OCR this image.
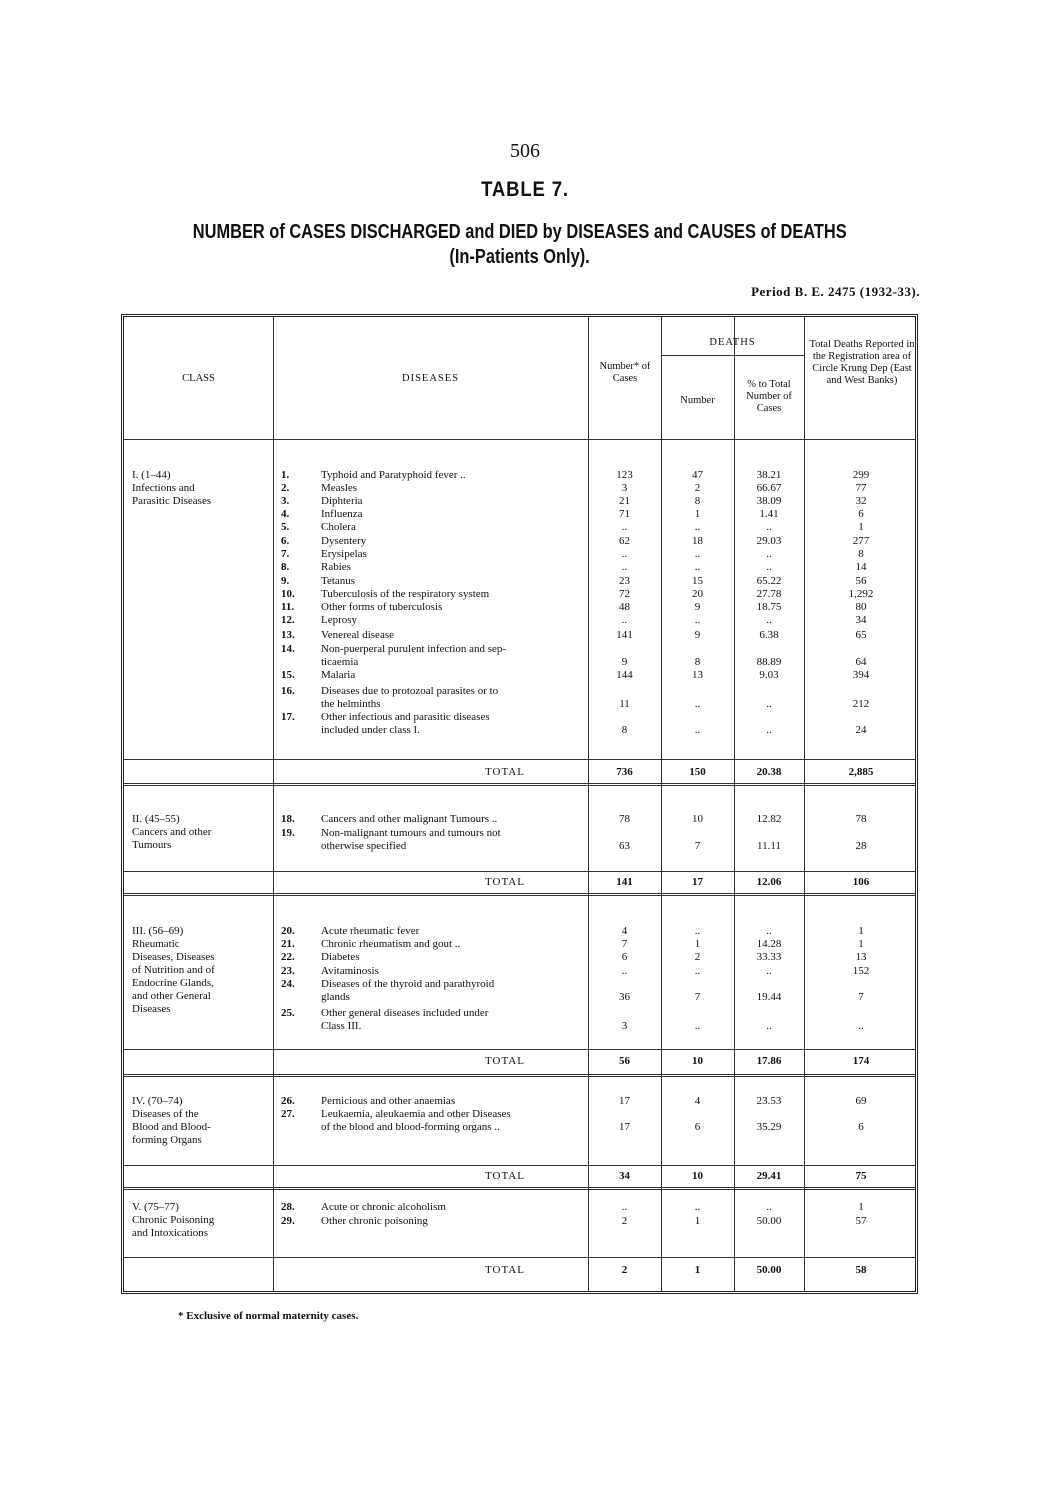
506
TABLE 7.
NUMBER of CASES DISCHARGED and DIED by DISEASES and CAUSES of DEATHS
(In-Patients Only).
Period B. E. 2475 (1932-33).
CLASS	DISEASES
Number* of Cases
DEATHS
Number
% to Total Number of Cases
Total Deaths Reported in the Registration area of Circle Krung Dep (East and West Banks)
I. (1–44)
Infections and
Parasitic Diseases
1.	Typhoid and Paratyphoid fever ..	123	47	38.21	299
2.	Measles	3	2	66.67	77
3.	Diphteria	21	8	38.09	32
4.	Influenza	71	1	1.41	6
5.	Cholera	..	..	..	1
6.	Dysentery	62	18	29.03	277
7.	Erysipelas	..	..	..	8
8.	Rabies	..	..	..	14
9.	Tetanus	23	15	65.22	56
10. Tuberculosis of the respiratory system	72	20	27.78	1,292
11. Other forms of tuberculosis	48	9	18.75	80
12. Leprosy	..	..	..	34
13. Venereal disease	141	9	6.38	65
14. Non-puerperal purulent infection and sep-
ticaemia	9	8	88.89	64
15. Malaria	144	13	9.03	394
16. Diseases due to protozoal parasites or to
the helminths	11	..	..	212
17. Other infectious and parasitic diseases
included under class I.	8	..	..	24
TOTAL	736	150	20.38	2,885
II. (45–55)
Cancers and other
Tumours
18. Cancers and other malignant Tumours ..	78	10	12.82	78
19. Non-malignant tumours and tumours not
otherwise specified	63	7	11.11	28
TOTAL	141	17	12.06	106
III. (56–69)
Rheumatic
Diseases, Diseases
of Nutrition and of
Endocrine Glands,
and other General
Diseases
20. Acute rheumatic fever	4	..	..	1
21. Chronic rheumatism and gout ..	7	1	14.28	1
22. Diabetes	6	2	33.33	13
23. Avitaminosis	..	..	..	152
24. Diseases of the thyroid and parathyroid
glands	36	7	19.44	7
25. Other general diseases included under
Class III.	3	..	..	..
TOTAL	56	10	17.86	174
IV. (70–74)
Diseases of the
Blood and Blood-
forming Organs
26. Pernicious and other anaemias	17	4	23.53	69
27. Leukaemia, aleukaemia and other Diseases
of the blood and blood-forming organs ..	17	6	35.29	6
TOTAL	34	10	29.41	75
V. (75–77)
Chronic Poisoning
and Intoxications
28. Acute or chronic alcoholism	..	..	..	1
29. Other chronic poisoning	2	1	50.00	57
TOTAL	2	1	50.00	58
* Exclusive of normal maternity cases.
